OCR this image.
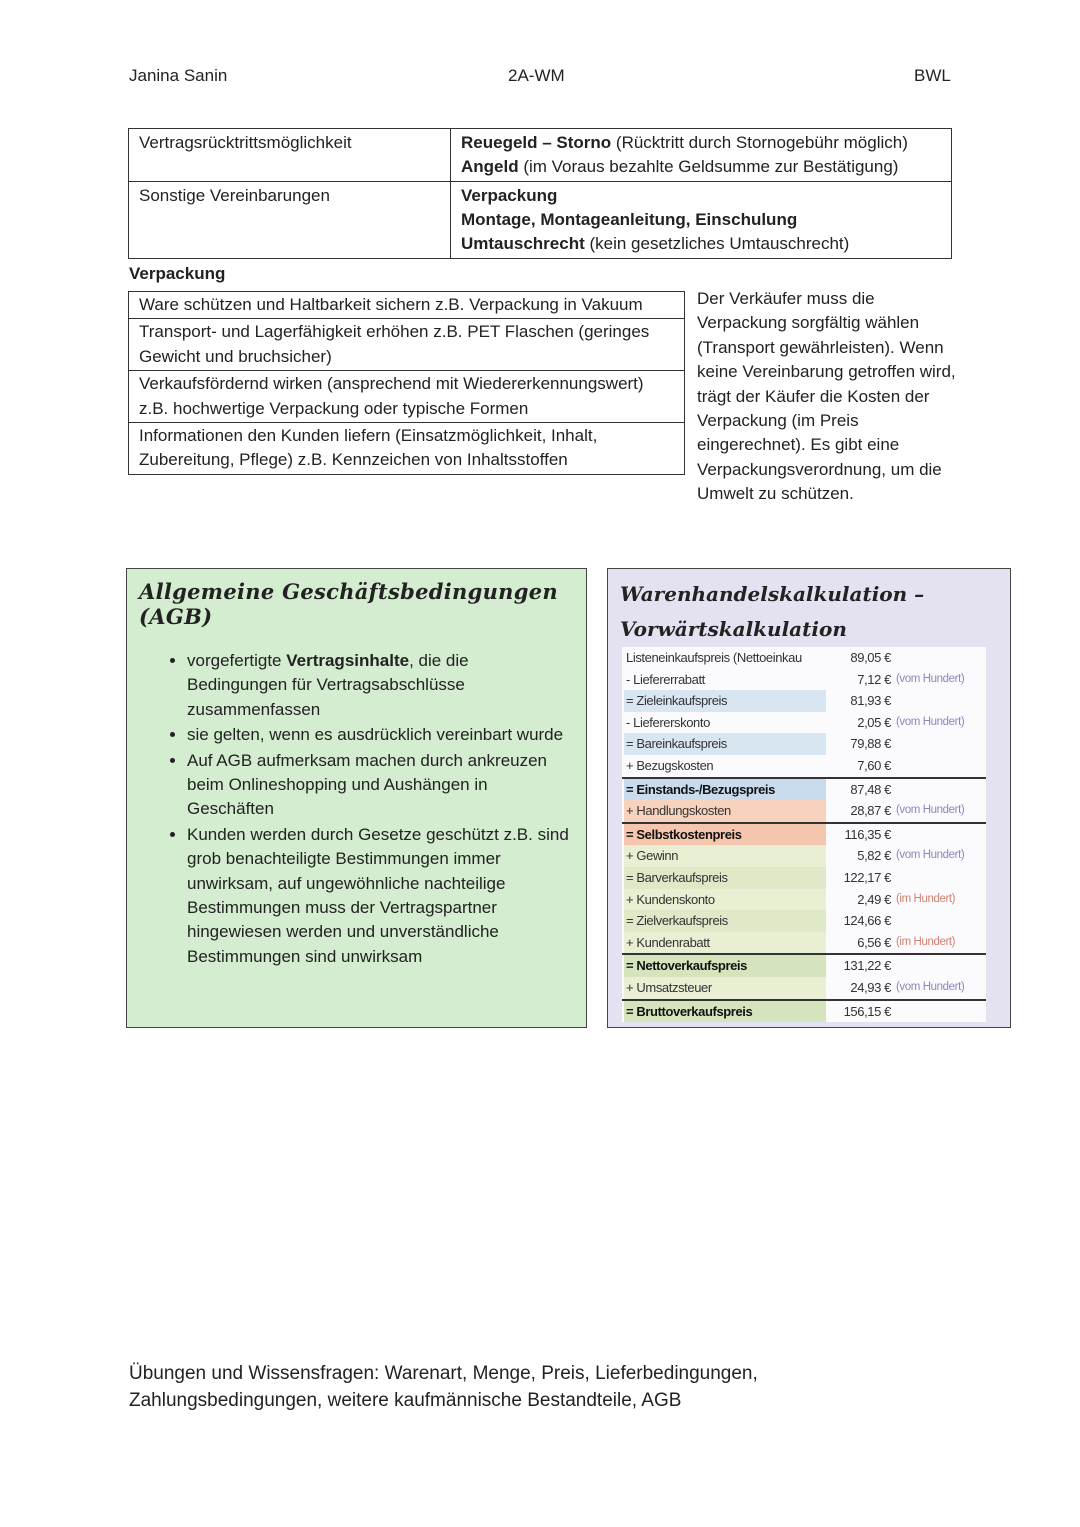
Janina Sanin	2A-WM	BWL
Vertragsrücktrittsmöglichkeit	Reuegeld – Storno (Rücktritt durch Stornogebühr möglich)
Angeld (im Voraus bezahlte Geldsumme zur Bestätigung)

Sonstige Vereinbarungen	Verpackung
Montage, Montageanleitung, Einschulung
Umtauschrecht (kein gesetzliches Umtauschrecht)
Verpackung
Ware schützen und Haltbarkeit sichern z.B. Verpackung in Vakuum
Transport- und Lagerfähigkeit erhöhen z.B. PET Flaschen (geringes Gewicht und bruchsicher)
Verkaufsfördernd wirken (ansprechend mit Wiedererkennungswert) z.B. hochwertige Verpackung oder typische Formen
Informationen den Kunden liefern (Einsatzmöglichkeit, Inhalt, Zubereitung, Pflege) z.B. Kennzeichen von Inhaltsstoffen
Der Verkäufer muss die Verpackung sorgfältig wählen (Transport gewährleisten). Wenn keine Vereinbarung getroffen wird, trägt der Käufer die Kosten der Verpackung (im Preis eingerechnet). Es gibt eine Verpackungsverordnung, um die Umwelt zu schützen.
Allgemeine Geschäftsbedingungen (AGB)
• vorgefertigte Vertragsinhalte, die die Bedingungen für Vertragsabschlüsse zusammenfassen
• sie gelten, wenn es ausdrücklich vereinbart wurde
• Auf AGB aufmerksam machen durch ankreuzen beim Onlineshopping und Aushängen in Geschäften
• Kunden werden durch Gesetze geschützt z.B. sind grob benachteiligte Bestimmungen immer unwirksam, auf ungewöhnliche nachteilige Bestimmungen muss der Vertragspartner hingewiesen werden und unverständliche Bestimmungen sind unwirksam
Warenhandelskalkulation –
Vorwärtskalkulation
Listeneinkaufspreis (Nettoeinkau	89,05 €
- Liefererrabatt	7,12 € (vom Hundert)
= Zieleinkaufspreis	81,93 €
- Liefererskonto	2,05 € (vom Hundert)
= Bareinkaufspreis	79,88 €
+ Bezugskosten	7,60 €
= Einstands-/Bezugspreis	87,48 €
+ Handlungskosten	28,87 € (vom Hundert)
= Selbstkostenpreis	116,35 €
+ Gewinn	5,82 € (vom Hundert)
= Barverkaufspreis	122,17 €
+ Kundenskonto	2,49 € (im Hundert)
= Zielverkaufspreis	124,66 €
+ Kundenrabatt	6,56 € (im Hundert)
= Nettoverkaufspreis	131,22 €
+ Umsatzsteuer	24,93 € (vom Hundert)
= Bruttoverkaufspreis	156,15 €
Übungen und Wissensfragen: Warenart, Menge, Preis, Lieferbedingungen,
Zahlungsbedingungen, weitere kaufmännische Bestandteile, AGB
